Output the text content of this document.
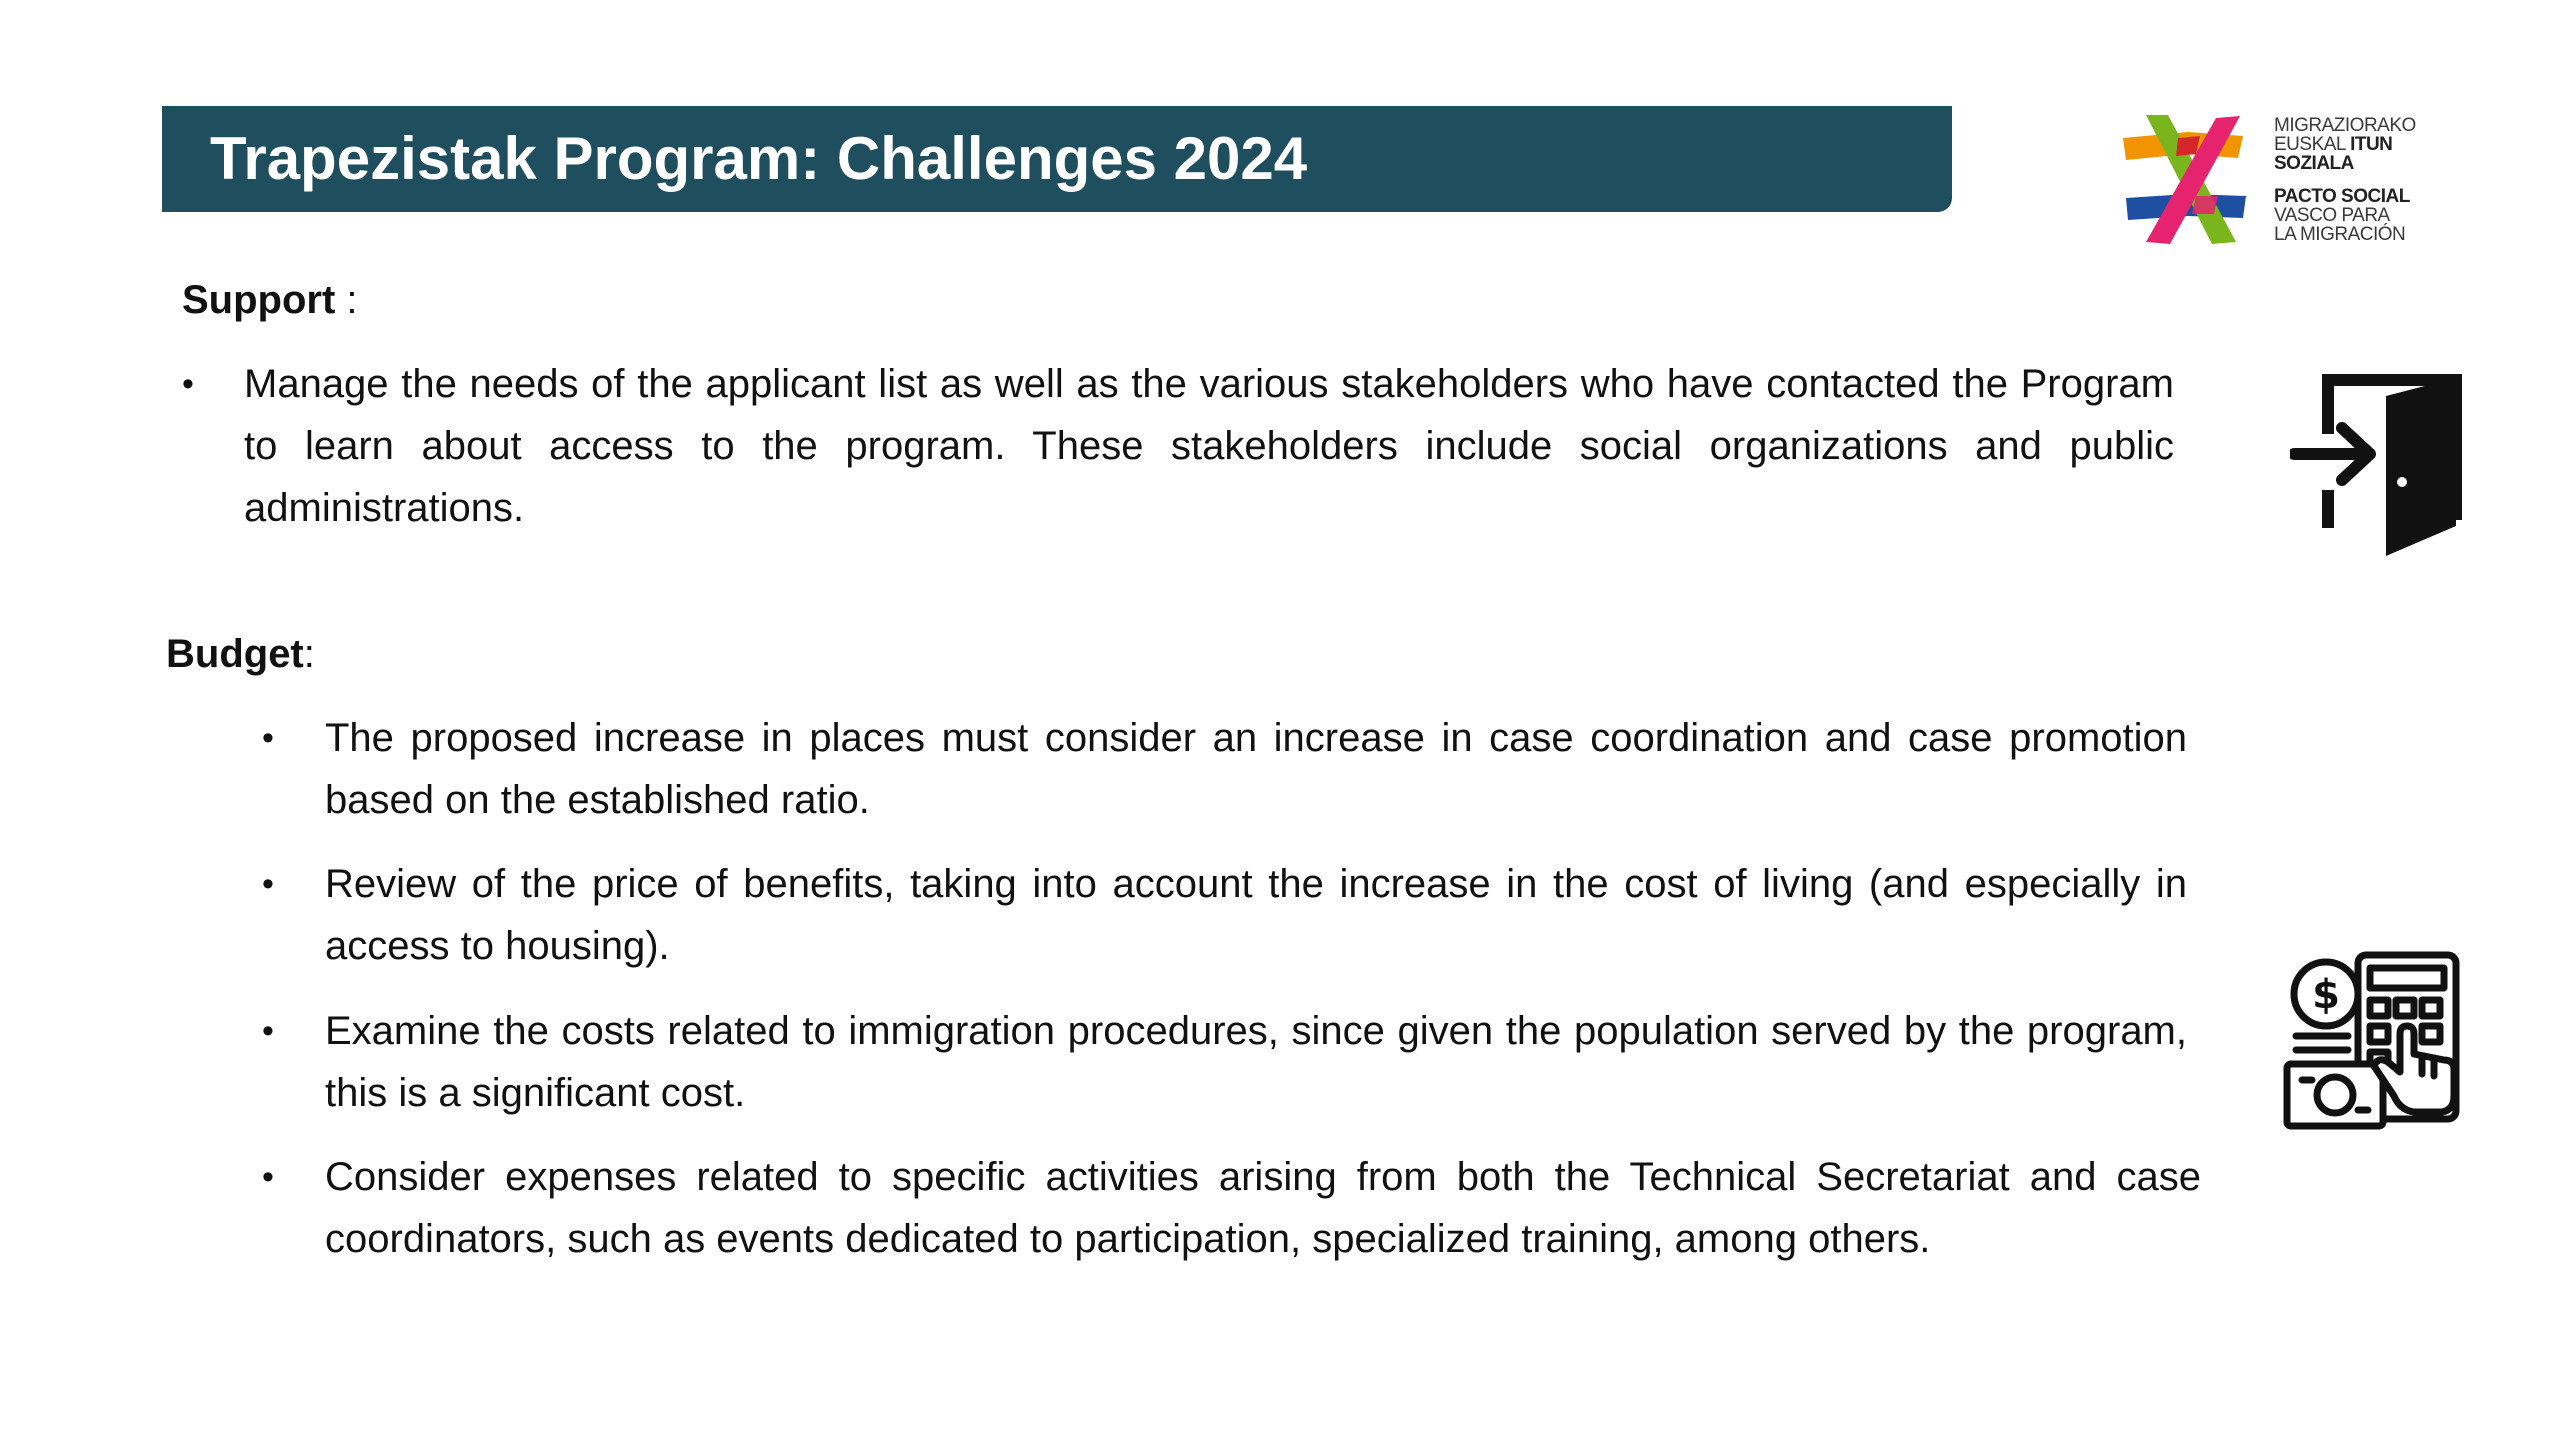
Trapezistak Program: Challenges 2024	MIGRAZIORAKO
EUSKAL ITUN
SOZIALA
PACTO SOCIAL
VASCO PARA
LA MIGRACIÓN
Support :
• Manage the needs of the applicant list as well as the various stakeholders who have contacted the Program to learn about access to the program. These stakeholders include social organizations and public administrations.
Budget:
• The proposed increase in places must consider an increase in case coordination and case promotion based on the established ratio.
• Review of the price of benefits, taking into account the increase in the cost of living (and especially in access to housing).
• Examine the costs related to immigration procedures, since given the population served by the program, this is a significant cost.
• Consider expenses related to specific activities arising from both the Technical Secretariat and case coordinators, such as events dedicated to participation, specialized training, among others.
$
